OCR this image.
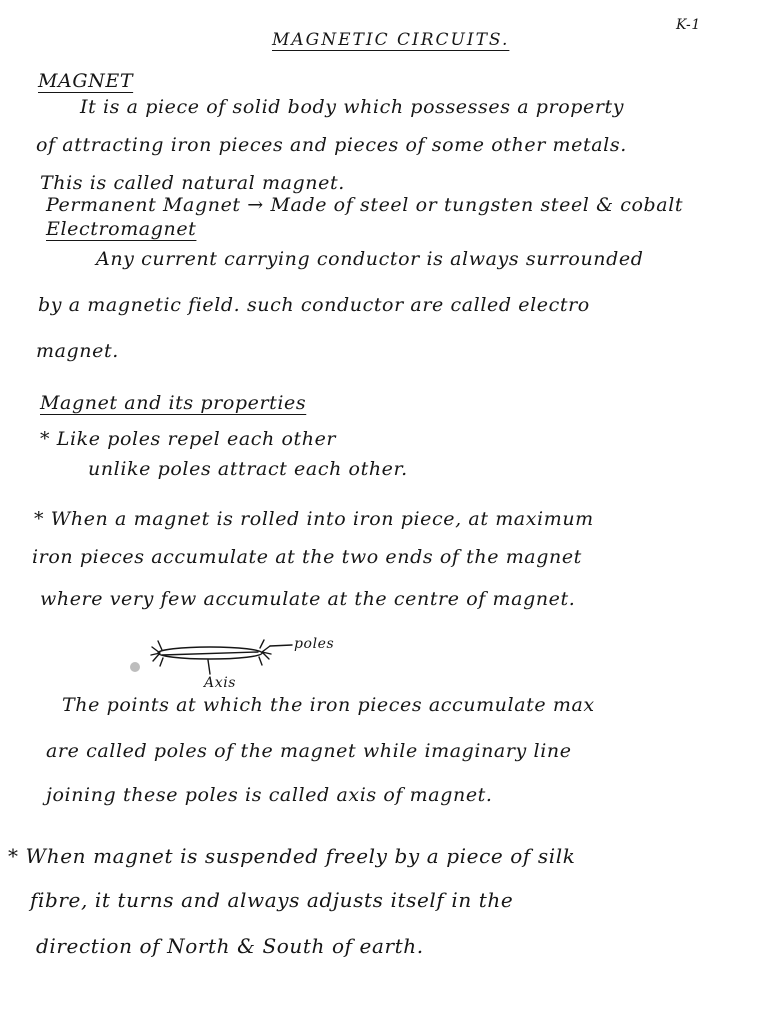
K-1
MAGNETIC CIRCUITS.
MAGNET
It is a piece of solid body which possesses a property
of attracting iron pieces and pieces of some other metals.
This is called natural magnet.
Permanent Magnet → Made of steel or tungsten steel & cobalt
Electromagnet
Any current carrying conductor is always surrounded
by a magnetic field. such conductor are called electro
magnet.
Magnet and its properties
* Like poles repel each other
unlike poles attract each other.
* When a magnet is rolled into iron piece, at maximum
iron pieces accumulate at the two ends of the magnet
where very few accumulate at the centre of magnet.
poles
Axis
The points at which the iron pieces accumulate max
are called poles of the magnet while imaginary line
joining these poles is called axis of magnet.
* When magnet is suspended freely by a piece of silk
fibre, it turns and always adjusts itself in the
direction of North & South of earth.
